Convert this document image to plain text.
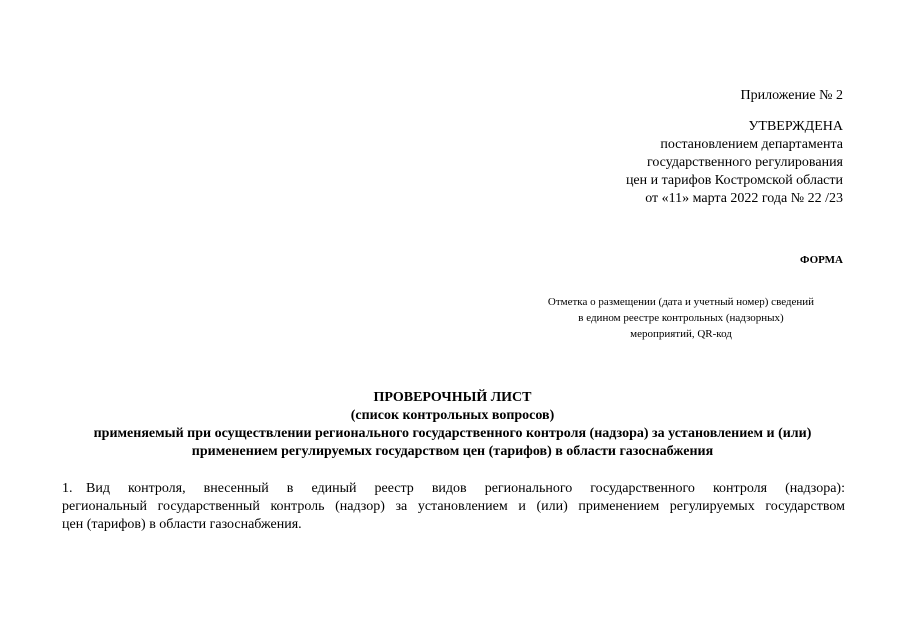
Приложение № 2
УТВЕРЖДЕНА
постановлением департамента
государственного регулирования
цен и тарифов Костромской области
от «11» марта 2022 года № 22 /23
ФОРМА
Отметка о размещении (дата и учетный номер) сведений
в едином реестре контрольных (надзорных)
мероприятий, QR-код
ПРОВЕРОЧНЫЙ ЛИСТ
(список контрольных вопросов)
применяемый при осуществлении регионального государственного контроля (надзора) за установлением и (или)
применением регулируемых государством цен (тарифов) в области газоснабжения
1. Вид контроля, внесенный в единый реестр видов регионального государственного контроля (надзора):
региональный государственный контроль (надзор) за установлением и (или) применением регулируемых государством
цен (тарифов) в области газоснабжения.
